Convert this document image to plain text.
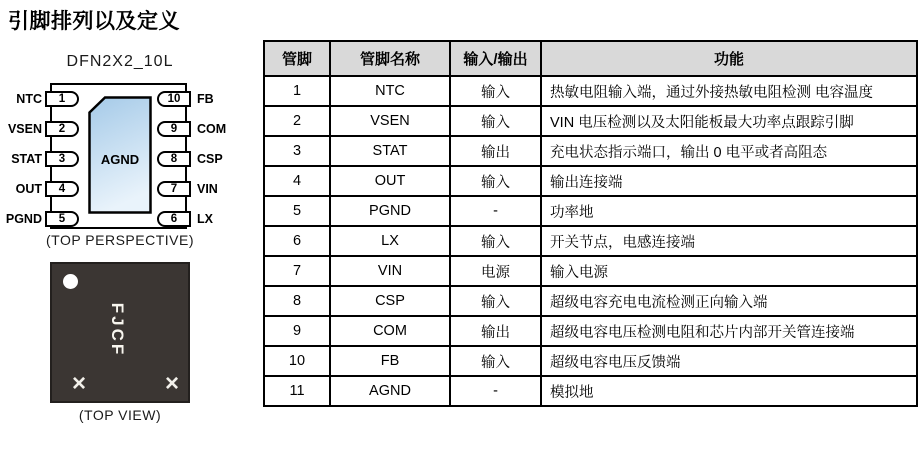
引脚排列以及定义
DFN2X2_10L
AGND
NTC
VSEN
STAT
OUT
PGND
1
2
3
4
5
FB
COM
CSP
VIN
LX
10
9
8
7
6
(TOP PERSPECTIVE)
FJCF
×	×
(TOP VIEW)
管脚	管脚名称	输入/输出	功能
1	NTC	输入	热敏电阻输入端，通过外接热敏电阻检测 电容温度
2	VSEN	输入	VIN 电压检测以及太阳能板最大功率点跟踪引脚
3	STAT	输出	充电状态指示端口，输出 0 电平或者高阻态
4	OUT	输入	输出连接端
5	PGND	-	功率地
6	LX	输入	开关节点，电感连接端
7	VIN	电源	输入电源
8	CSP	输入	超级电容充电电流检测正向输入端
9	COM	输出	超级电容电压检测电阻和芯片内部开关管连接端
10	FB	输入	超级电容电压反馈端
11	AGND	-	模拟地
